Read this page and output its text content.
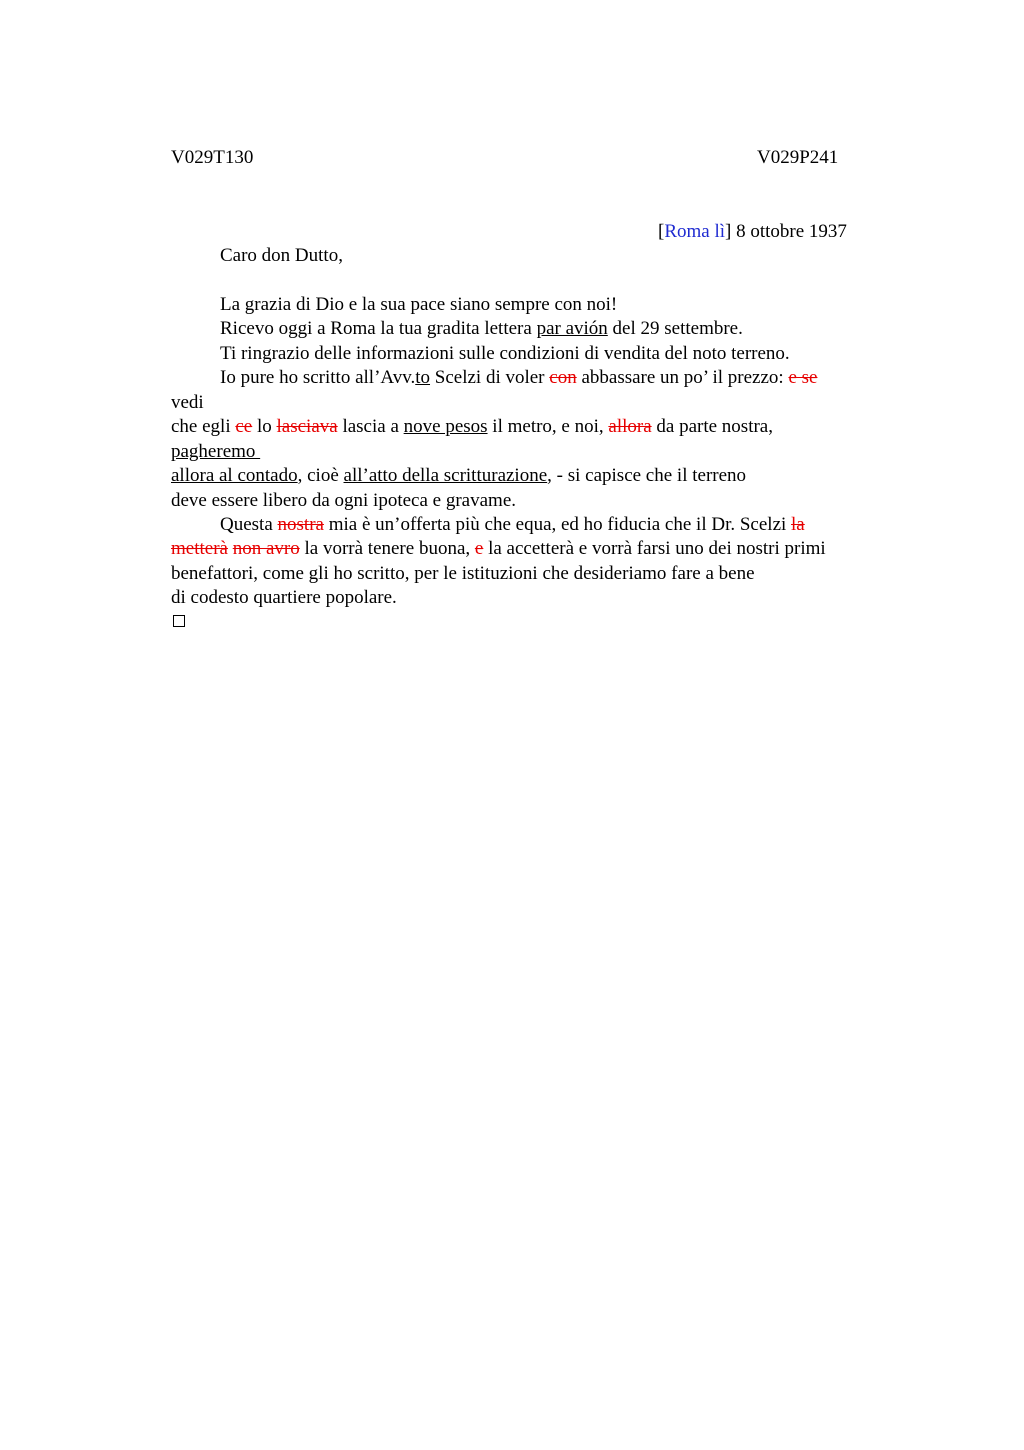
V029T130	V029P241
[Roma lì] 8 ottobre 1937
Caro don Dutto,
La grazia di Dio e la sua pace siano sempre con noi!
Ricevo oggi a Roma la tua gradita lettera par avión del 29 settembre.
Ti ringrazio delle informazioni sulle condizioni di vendita del noto terreno.
Io pure ho scritto all’Avv.to Scelzi di voler con abbassare un po’ il prezzo: e se
vedi
che egli ce lo lasciava lascia a nove pesos il metro, e noi, allora da parte nostra,
pagheremo
allora al contado, cioè all’atto della scritturazione, - si capisce che il terreno
deve essere libero da ogni ipoteca e gravame.
Questa nostra mia è un’offerta più che equa, ed ho fiducia che il Dr. Scelzi la
metterà non avro la vorrà tenere buona, e la accetterà e vorrà farsi uno dei nostri primi
benefattori, come gli ho scritto, per le istituzioni che desideriamo fare a bene
di codesto quartiere popolare.
